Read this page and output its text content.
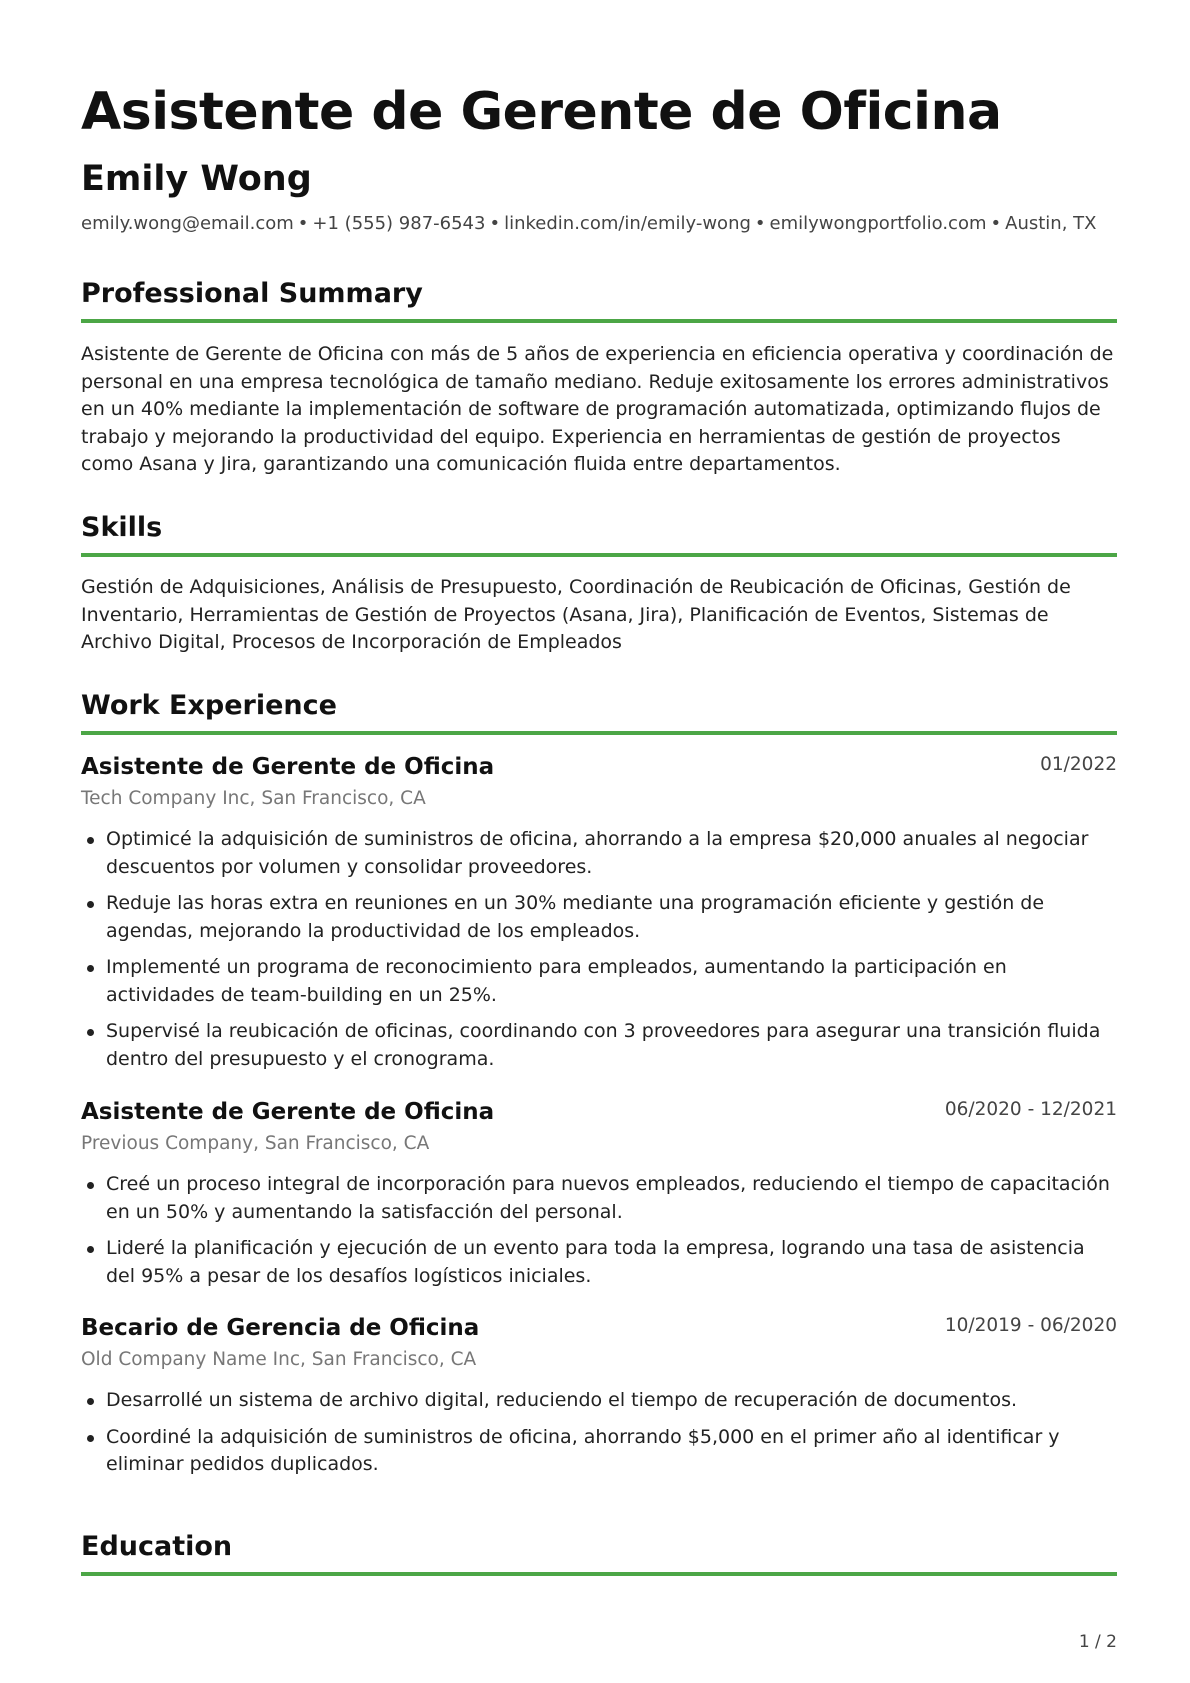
Asistente de Gerente de Oficina
Emily Wong
emily.wong@email.com • +1 (555) 987-6543 • linkedin.com/in/emily-wong • emilywongportfolio.com • Austin, TX
Professional Summary

Asistente de Gerente de Oficina con más de 5 años de experiencia en eficiencia operativa y coordinación de personal en una empresa tecnológica de tamaño mediano. Reduje exitosamente los errores administrativos en un 40% mediante la implementación de software de programación automatizada, optimizando flujos de trabajo y mejorando la productividad del equipo. Experiencia en herramientas de gestión de proyectos como Asana y Jira, garantizando una comunicación fluida entre departamentos.

Skills

Gestión de Adquisiciones, Análisis de Presupuesto, Coordinación de Reubicación de Oficinas, Gestión de Inventario, Herramientas de Gestión de Proyectos (Asana, Jira), Planificación de Eventos, Sistemas de Archivo Digital, Procesos de Incorporación de Empleados

Work Experience
Asistente de Gerente de Oficina	01/2022
Tech Company Inc, San Francisco, CA
Optimicé la adquisición de suministros de oficina, ahorrando a la empresa $20,000 anuales al negociar descuentos por volumen y consolidar proveedores.
Reduje las horas extra en reuniones en un 30% mediante una programación eficiente y gestión de agendas, mejorando la productividad de los empleados.
Implementé un programa de reconocimiento para empleados, aumentando la participación en actividades de team-building en un 25%.
Supervisé la reubicación de oficinas, coordinando con 3 proveedores para asegurar una transición fluida dentro del presupuesto y el cronograma.
Asistente de Gerente de Oficina	06/2020 - 12/2021
Previous Company, San Francisco, CA
Creé un proceso integral de incorporación para nuevos empleados, reduciendo el tiempo de capacitación en un 50% y aumentando la satisfacción del personal.
Lideré la planificación y ejecución de un evento para toda la empresa, logrando una tasa de asistencia del 95% a pesar de los desafíos logísticos iniciales.
Becario de Gerencia de Oficina	10/2019 - 06/2020
Old Company Name Inc, San Francisco, CA
Desarrollé un sistema de archivo digital, reduciendo el tiempo de recuperación de documentos.
Coordiné la adquisición de suministros de oficina, ahorrando $5,000 en el primer año al identificar y eliminar pedidos duplicados.
Education
1 / 2
